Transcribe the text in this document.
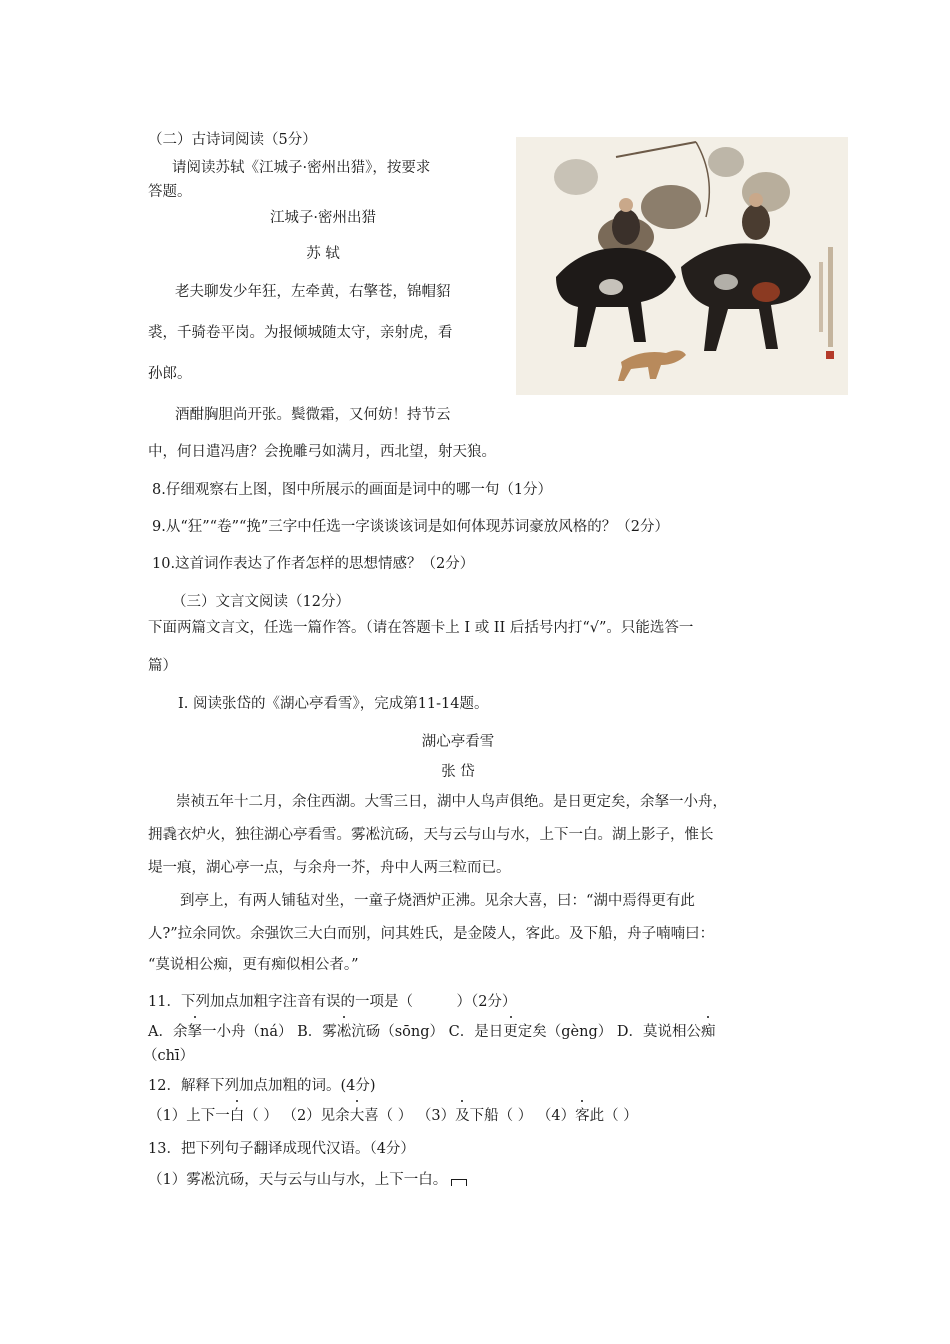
（二）古诗词阅读（5分）
请阅读苏轼《江城子·密州出猎》，按要求
答题。
江城子·密州出猎
苏 轼
老夫聊发少年狂，左牵黄，右擎苍，锦帽貂
裘，千骑卷平岗。为报倾城随太守，亲射虎，看
孙郎。
酒酣胸胆尚开张。鬓微霜，又何妨！持节云
中，何日遣冯唐？会挽雕弓如满月，西北望，射天狼。
8.仔细观察右上图，图中所展示的画面是词中的哪一句（1分）
9.从“狂”“卷”“挽”三字中任选一字谈谈该词是如何体现苏词豪放风格的？（2分）
10.这首词作表达了作者怎样的思想情感？（2分）
（三）文言文阅读（12分）
下面两篇文言文，任选一篇作答。（请在答题卡上 I 或 II 后括号内打“√”。只能选答一
篇）
I. 阅读张岱的《湖心亭看雪》，完成第11-14题。
湖心亭看雪
张 岱
崇祯五年十二月，余住西湖。大雪三日，湖中人鸟声俱绝。是日更定矣，余拏一小舟，
拥毳衣炉火，独往湖心亭看雪。雾凇沆砀，天与云与山与水，上下一白。湖上影子，惟长
堤一痕，湖心亭一点，与余舟一芥，舟中人两三粒而已。
到亭上，有两人铺毡对坐，一童子烧酒炉正沸。见余大喜，曰：“湖中焉得更有此
人?”拉余同饮。余强饮三大白而别，问其姓氏，是金陵人，客此。及下船，舟子喃喃曰：
“莫说相公痴，更有痴似相公者。”
11．下列加点加粗字注音有误的一项是（　　　）（2分）
A．余拏一小舟（ná） B．雾凇沆砀（sōng） C．是日更定矣（gèng） D．莫说相公痴
（chī）
12．解释下列加点加粗的词。(4分)
（1）上下一白（ ） （2）见余大喜（ ） （3）及下船（ ） （4）客此（ ）
13．把下列句子翻译成现代汉语。（4分）
（1）雾凇沆砀，天与云与山与水，上下一白。
